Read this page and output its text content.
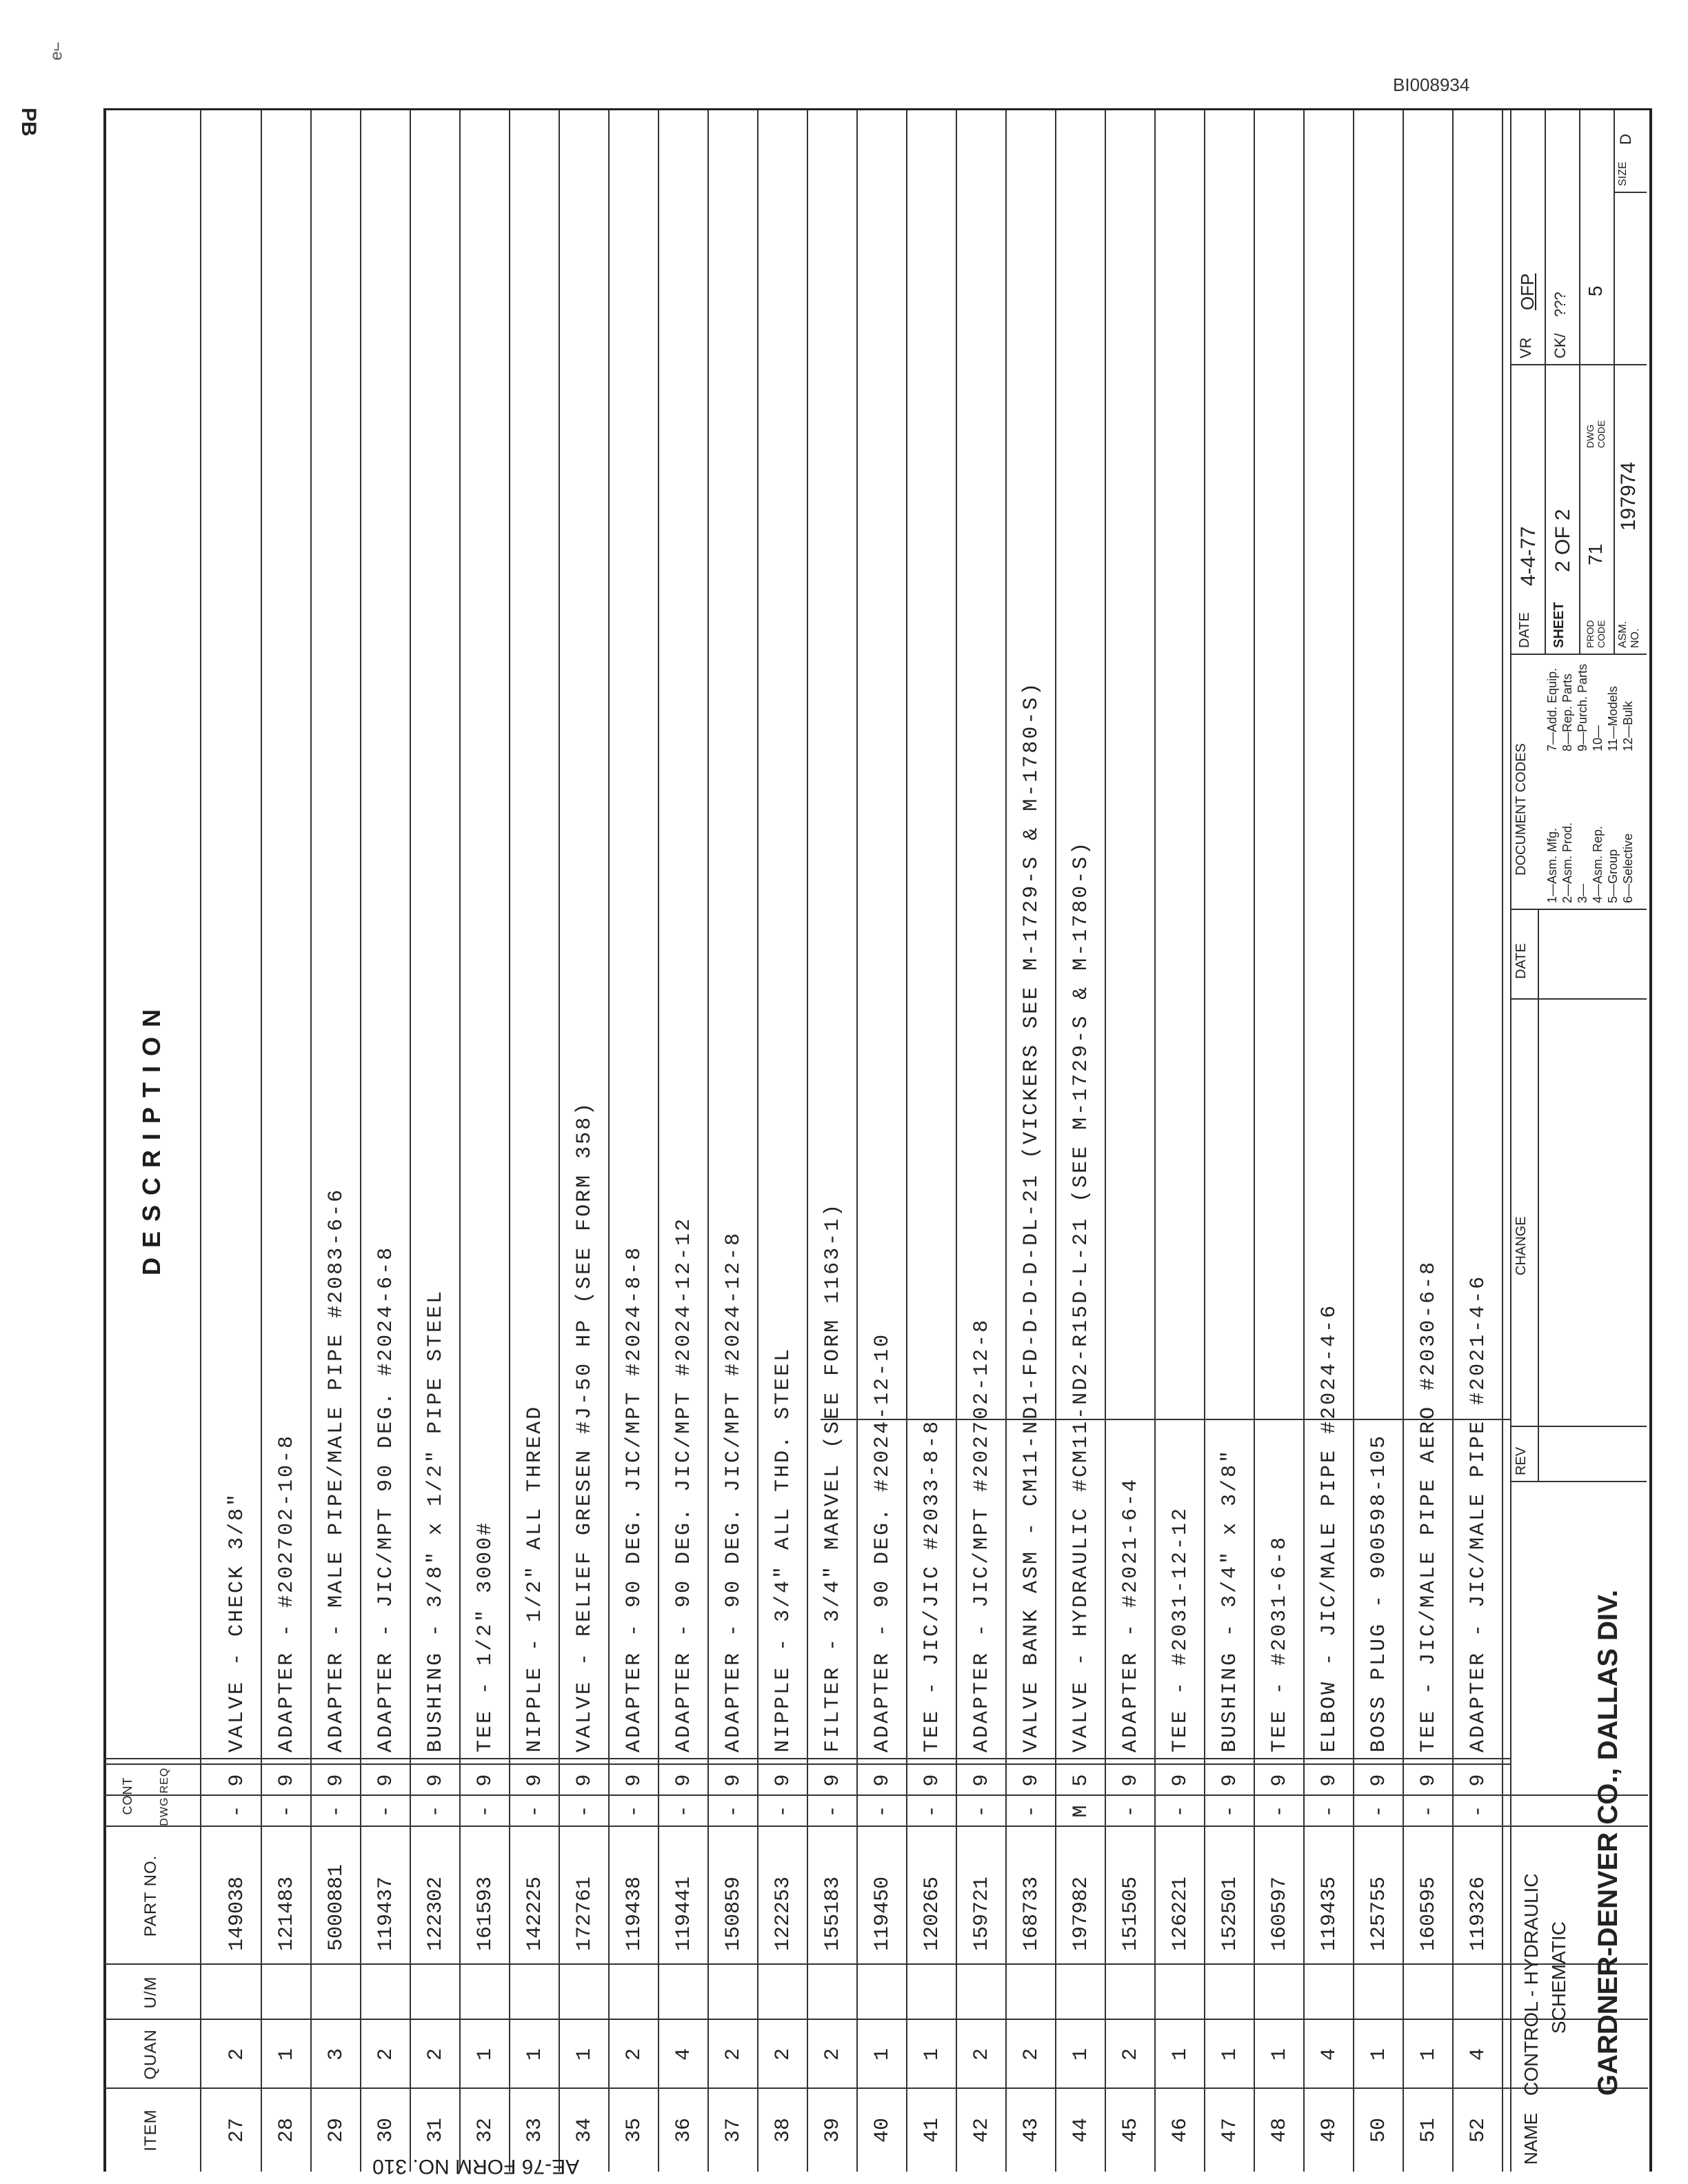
BI008934
PB
¬ə
ITEM
QUAN
U/M
PART NO.
CONT DWG
REQ
DESCRIPTION
27
2
149038
-
9
VALVE - CHECK 3/8"
28
1
121483
-
9
ADAPTER - #202702-10-8
29
3
5000881
-
9
ADAPTER - MALE PIPE/MALE PIPE #2083-6-6
30
2
119437
-
9
ADAPTER - JIC/MPT 90 DEG. #2024-6-8
31
2
122302
-
9
BUSHING - 3/8" x 1/2" PIPE STEEL
32
1
161593
-
9
TEE - 1/2" 3000#
33
1
142225
-
9
NIPPLE - 1/2" ALL THREAD
34
1
172761
-
9
VALVE - RELIEF GRESEN #J-50 HP (SEE FORM 358)
35
2
119438
-
9
ADAPTER - 90 DEG. JIC/MPT #2024-8-8
36
4
119441
-
9
ADAPTER - 90 DEG. JIC/MPT #2024-12-12
37
2
150859
-
9
ADAPTER - 90 DEG. JIC/MPT #2024-12-8
38
2
122253
-
9
NIPPLE - 3/4" ALL THD. STEEL
39
2
155183
-
9
FILTER - 3/4" MARVEL (SEE FORM 1163-1)
40
1
119450
-
9
ADAPTER - 90 DEG. #2024-12-10
41
1
120265
-
9
TEE - JIC/JIC #2033-8-8
42
2
159721
-
9
ADAPTER - JIC/MPT #202702-12-8
43
2
168733
-
9
VALVE BANK ASM - CM11-ND1-FD-D-D-D-DL-21 (VICKERS SEE M-1729-S & M-1780-S)
44
1
197982
M
5
VALVE - HYDRAULIC #CM11-ND2-R15D-L-21 (SEE M-1729-S & M-1780-S)
45
2
151505
-
9
ADAPTER - #2021-6-4
46
1
126221
-
9
TEE - #2031-12-12
47
1
152501
-
9
BUSHING - 3/4" x 3/8"
48
1
160597
-
9
TEE - #2031-6-8
49
4
119435
-
9
ELBOW - JIC/MALE PIPE #2024-4-6
50
1
125755
-
9
BOSS PLUG - 900598-105
51
1
160595
-
9
TEE - JIC/MALE PIPE AERO #2030-6-8
52
4
119326
-
9
ADAPTER - JIC/MALE PIPE #2021-4-6
NAME
CONTROL - HYDRAULIC SCHEMATIC GARDNER-DENVER CO., DALLAS DIV.
REV
CHANGE
DATE
DOCUMENT CODES 1—Asm. Mfg. 2—Asm. Prod. 3— 4—Asm. Rep. 5—Group 6—Selective
7—Add. Equip. 8—Rep. Parts 9—Purch. Parts 10— 11—Models 12—Bulk
DATE
4-4-77
SHEET
2 OF 2
PROD CODE
71
DWG CODE
5
ASM. NO.
197974
VR
OFP
CK/
???
SIZE
D
AE-76 FORM NO. 310
